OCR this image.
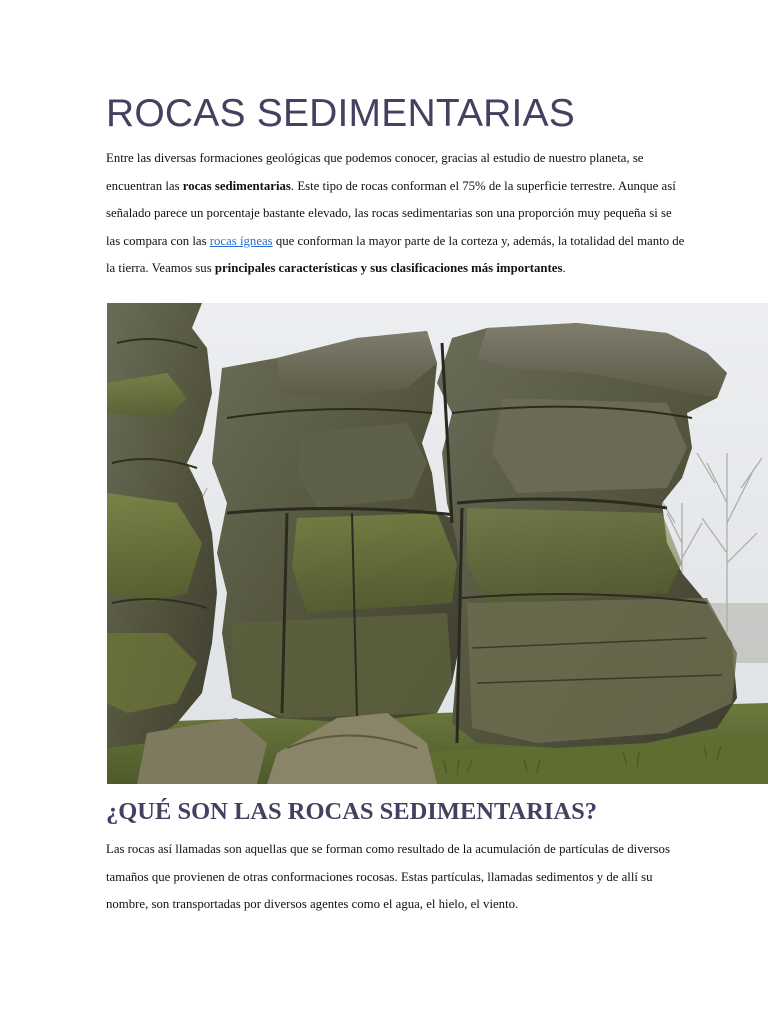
ROCAS SEDIMENTARIAS

Entre las diversas formaciones geológicas que podemos conocer, gracias al estudio de nuestro planeta, se encuentran las rocas sedimentarias. Este tipo de rocas conforman el 75% de la superficie terrestre. Aunque así señalado parece un porcentaje bastante elevado, las rocas sedimentarias son una proporción muy pequeña si se las compara con las rocas ígneas que conforman la mayor parte de la corteza y, además, la totalidad del manto de la tierra. Veamos sus principales características y sus clasificaciones más importantes.

¿QUÉ SON LAS ROCAS SEDIMENTARIAS?

Las rocas así llamadas son aquellas que se forman como resultado de la acumulación de partículas de diversos tamaños que provienen de otras conformaciones rocosas. Estas partículas, llamadas sedimentos y de allí su nombre, son transportadas por diversos agentes como el agua, el hielo, el viento.
